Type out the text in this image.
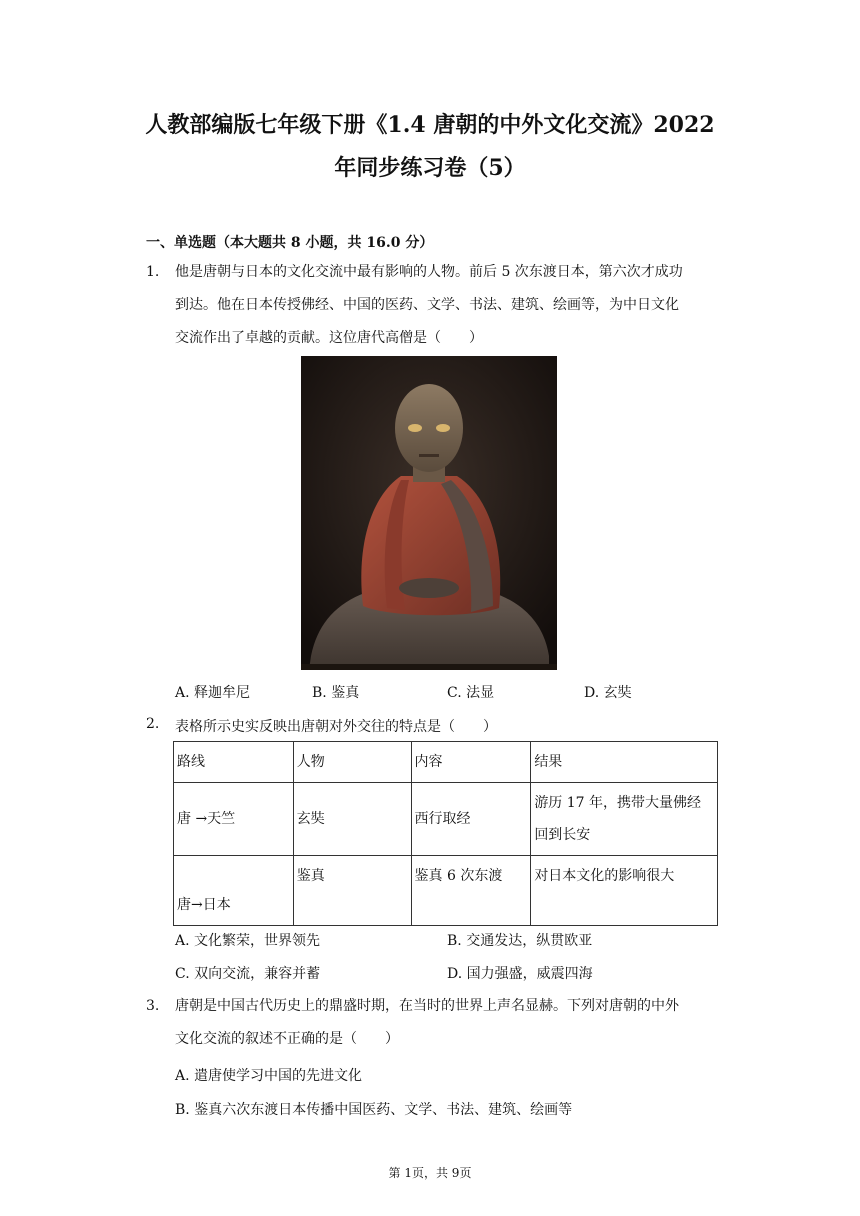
人教部编版七年级下册《1.4 唐朝的中外文化交流》2022
年同步练习卷（5）
一、单选题（本大题共 8 小题，共 16.0 分）
1. 他是唐朝与日本的文化交流中最有影响的人物。前后 5 次东渡日本，第六次才成功
到达。他在日本传授佛经、中国的医药、文学、书法、建筑、绘画等，为中日文化
交流作出了卓越的贡献。这位唐代高僧是（　　）
A. 释迦牟尼	B. 鉴真	C. 法显	D. 玄奘
2. 表格所示史实反映出唐朝对外交往的特点是（　　）
路线	人物	内容	结果
唐 →天竺	玄奘	西行取经	游历 17 年，携带大量佛经
回到长安

唐→日本	鉴真	鉴真 6 次东渡	对日本文化的影响很大
A. 文化繁荣，世界领先	B. 交通发达，纵贯欧亚
C. 双向交流，兼容并蓄	D. 国力强盛，威震四海
3. 唐朝是中国古代历史上的鼎盛时期，在当时的世界上声名显赫。下列对唐朝的中外
文化交流的叙述不正确的是（　　）
A. 遣唐使学习中国的先进文化
B. 鉴真六次东渡日本传播中国医药、文学、书法、建筑、绘画等
第 1页，共 9页
